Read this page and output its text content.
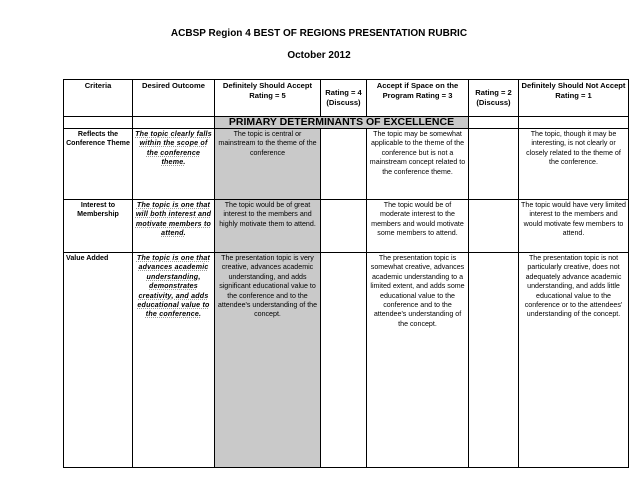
ACBSP Region 4 BEST OF REGIONS PRESENTATION RUBRIC
October 2012
Criteria	Desired Outcome	Definitely Should Accept Rating = 5	Rating = 4 (Discuss)	Accept if Space on the Program Rating = 3	Rating = 2 (Discuss)	Definitely Should Not Accept Rating = 1
		PRIMARY DETERMINANTS OF EXCELLENCE				
Reflects the Conference Theme	The topic clearly falls within the scope of the conference theme.	The topic is central or mainstream to the theme of the conference		The topic may be somewhat applicable to the theme of the conference but is not a mainstream concept related to the conference theme.		The topic, though it may be interesting, is not clearly or closely related to the theme of the conference.
Interest to Membership	The topic is one that will both interest and motivate members to attend.	The topic would be of great interest to the members and highly motivate them to attend.		The topic would be of moderate interest to the members and would motivate some members to attend.		The topic would have very limited interest to the members and would motivate few members to attend.
Value Added	The topic is one that advances academic understanding, demonstrates creativity, and adds educational value to the conference.	The presentation topic is very creative, advances academic understanding, and adds significant educational value to the conference and to the attendee's understanding of the concept.		The presentation topic is somewhat creative, advances academic understanding to a limited extent, and adds some educational value to the conference and to the attendee's understanding of the concept.		The presentation topic is not particularly creative, does not adequately advance academic understanding, and adds little educational value to the conference or to the attendees' understanding of the concept.
